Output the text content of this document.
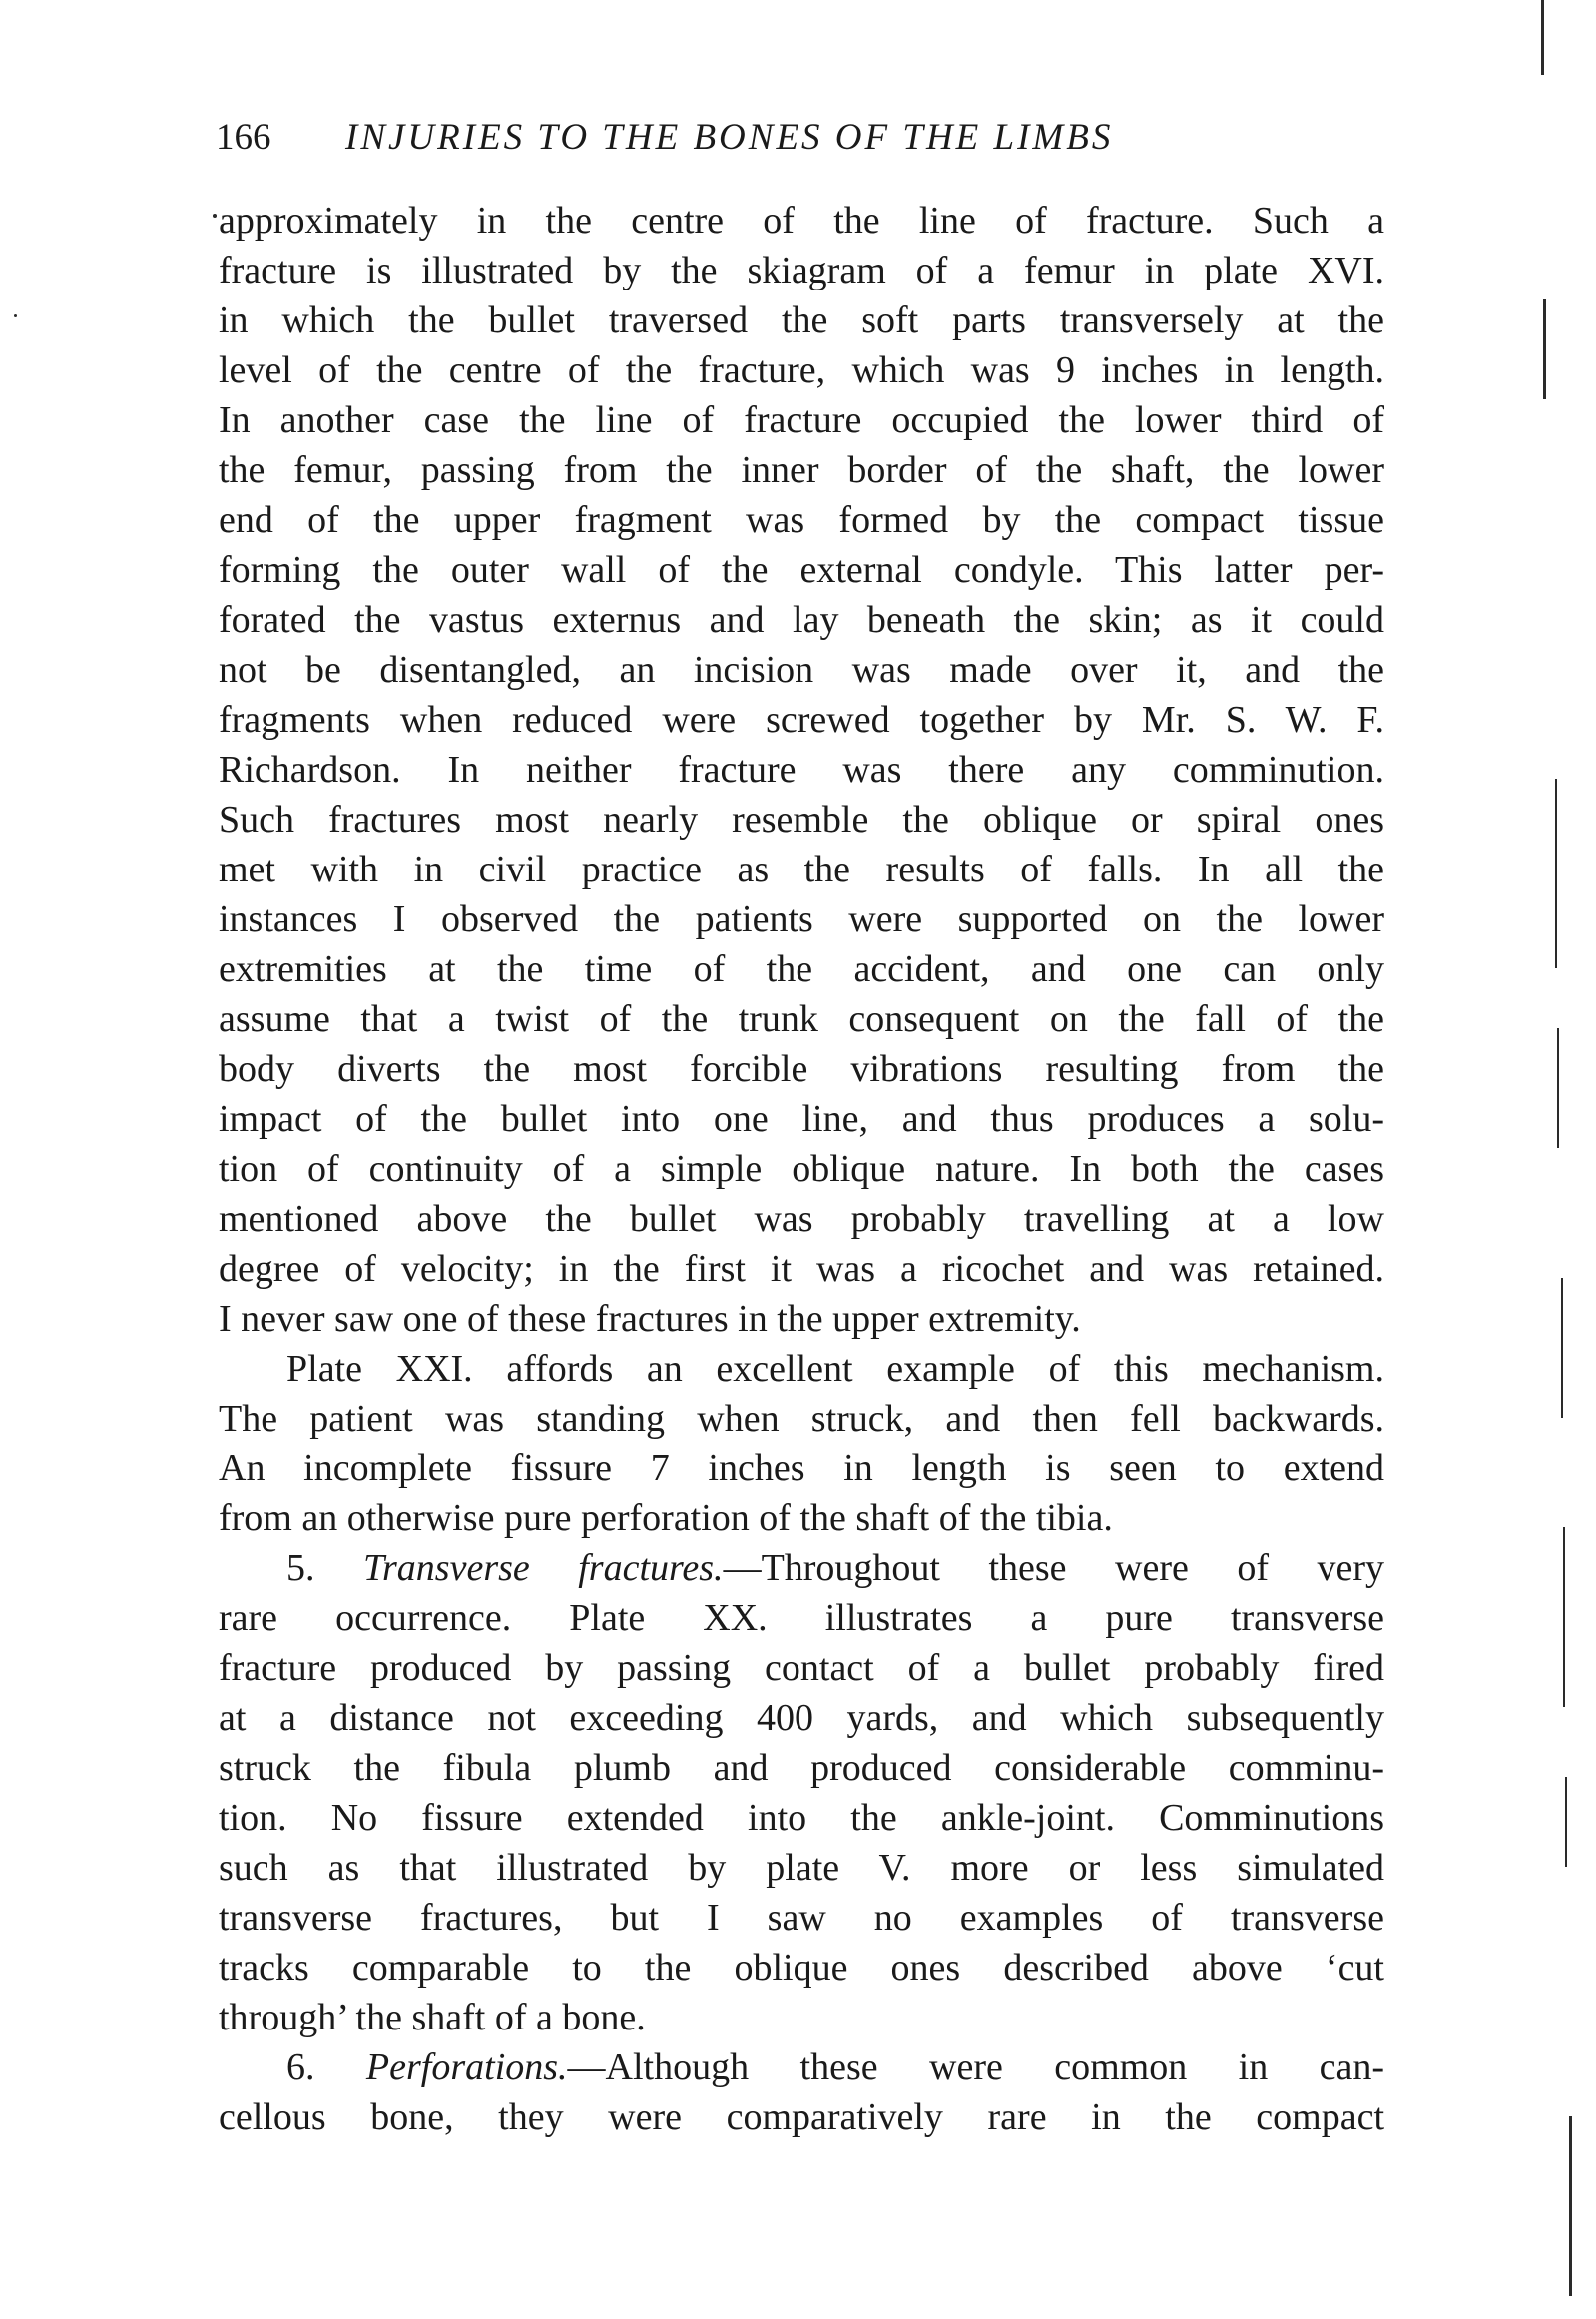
166 INJURIES TO THE BONES OF THE LIMBS
approximately in the centre of the line of fracture. Such a
fracture is illustrated by the skiagram of a femur in plate XVI.
in which the bullet traversed the soft parts transversely at the
level of the centre of the fracture, which was 9 inches in length.
In another case the line of fracture occupied the lower third of
the femur, passing from the inner border of the shaft, the lower
end of the upper fragment was formed by the compact tissue
forming the outer wall of the external condyle. This latter per-
forated the vastus externus and lay beneath the skin; as it could
not be disentangled, an incision was made over it, and the
fragments when reduced were screwed together by Mr. S. W. F.
Richardson. In neither fracture was there any comminution.
Such fractures most nearly resemble the oblique or spiral ones
met with in civil practice as the results of falls. In all the
instances I observed the patients were supported on the lower
extremities at the time of the accident, and one can only
assume that a twist of the trunk consequent on the fall of the
body diverts the most forcible vibrations resulting from the
impact of the bullet into one line, and thus produces a solu-
tion of continuity of a simple oblique nature. In both the cases
mentioned above the bullet was probably travelling at a low
degree of velocity; in the first it was a ricochet and was retained.
I never saw one of these fractures in the upper extremity.
Plate XXI. affords an excellent example of this mechanism.
The patient was standing when struck, and then fell backwards.
An incomplete fissure 7 inches in length is seen to extend
from an otherwise pure perforation of the shaft of the tibia.
5. Transverse fractures.—Throughout these were of very
rare occurrence. Plate XX. illustrates a pure transverse
fracture produced by passing contact of a bullet probably fired
at a distance not exceeding 400 yards, and which subsequently
struck the fibula plumb and produced considerable comminu-
tion. No fissure extended into the ankle-joint. Comminutions
such as that illustrated by plate V. more or less simulated
transverse fractures, but I saw no examples of transverse
tracks comparable to the oblique ones described above ‘cut
through’ the shaft of a bone.
6. Perforations.—Although these were common in can-
cellous bone, they were comparatively rare in the compact
